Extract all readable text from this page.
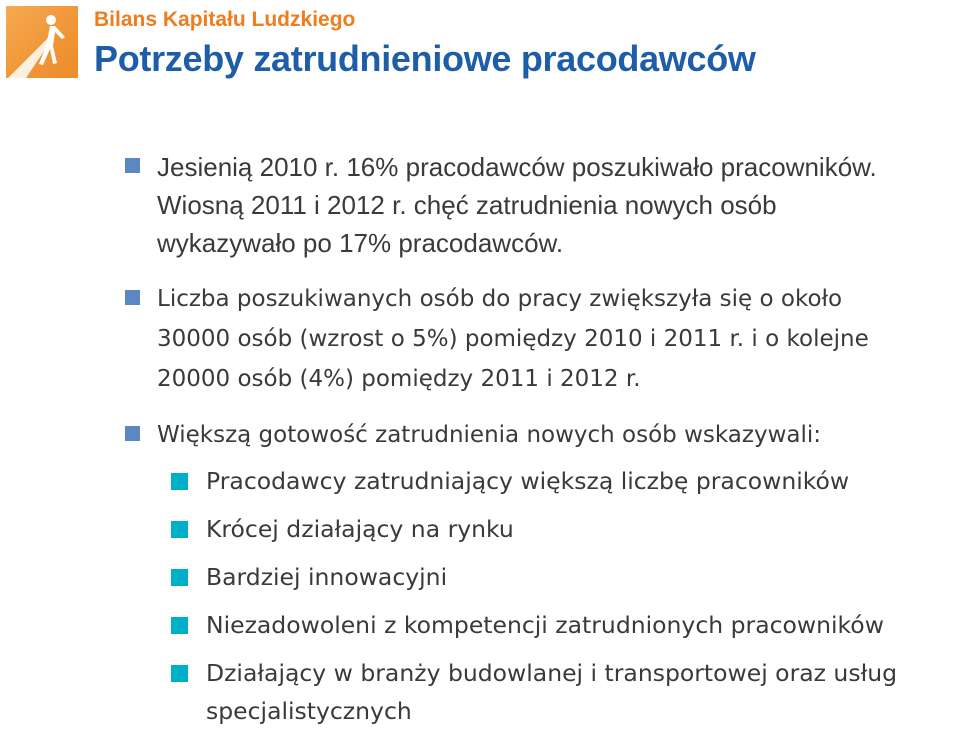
Bilans Kapitału Ludzkiego
Potrzeby zatrudnieniowe pracodawców
Jesienią 2010 r. 16% pracodawców poszukiwało pracowników.
Wiosną 2011 i 2012 r. chęć zatrudnienia nowych osób
wykazywało po 17% pracodawców.
Liczba poszukiwanych osób do pracy zwiększyła się o około
30000 osób (wzrost o 5%) pomiędzy 2010 i 2011 r. i o kolejne
20000 osób (4%) pomiędzy 2011 i 2012 r.
Większą gotowość zatrudnienia nowych osób wskazywali:
Pracodawcy zatrudniający większą liczbę pracowników
Krócej działający na rynku
Bardziej innowacyjni
Niezadowoleni z kompetencji zatrudnionych pracowników
Działający w branży budowlanej i transportowej oraz usług
specjalistycznych
